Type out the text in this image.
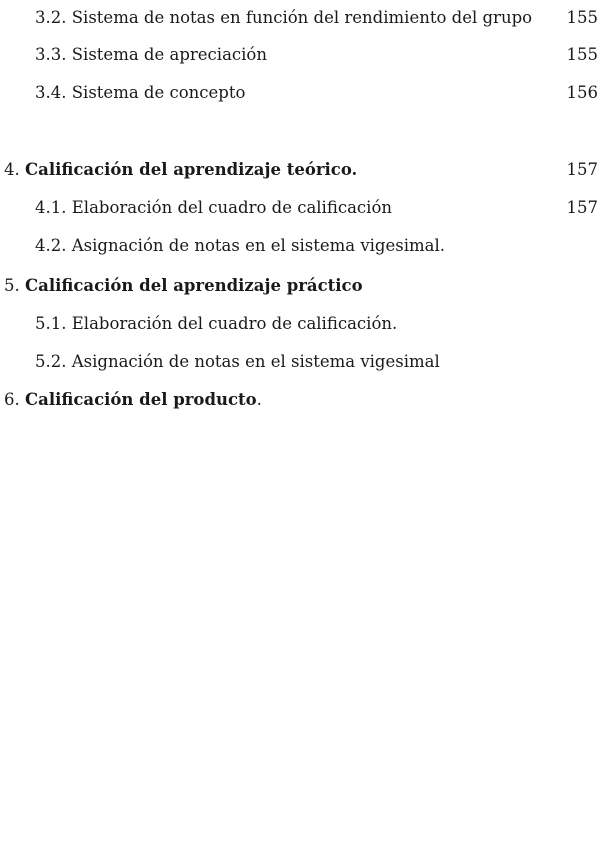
3.2. Sistema de notas en función del rendimiento del grupo 155
3.3. Sistema de apreciación	155
3.4. Sistema de concepto	156
4. Calificación del aprendizaje teórico.	157
4.1. Elaboración del cuadro de calificación	157
4.2. Asignación de notas en el sistema vigesimal.
5. Calificación del aprendizaje práctico
5.1. Elaboración del cuadro de calificación.
5.2. Asignación de notas en el sistema vigesimal
6. Calificación del producto.
